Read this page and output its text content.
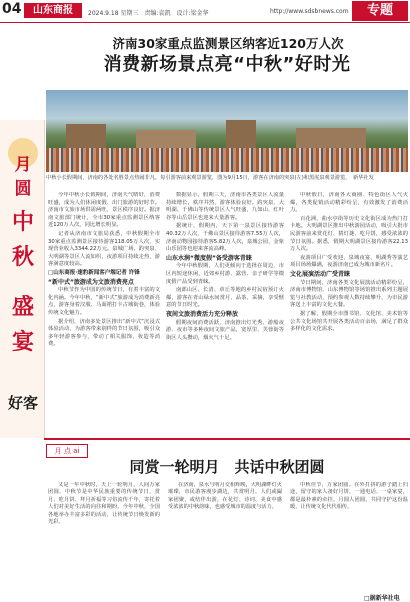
04	山东商报	2024.9.18 星期三　责编:袁凯　设计:梁金华	http://www.sdsbnews.com	专题
济南30家重点监测景区纳客近120万人次
消费新场景点亮“中秋”好时光
中秋小长假期间，济南的各处名胜景点热闹非凡。每引游客前来观景游览，图为9月15日，游客在济南的突泉(左)和黑虎泉观景游览。　新华社发
月
圆
中
秋
盛
宴
好客

今年中秋小长假期间，济南天气晴好，消费旺盛，成为人们休闲度假、出门旅游的好时节。济南市文旅市场供需两旺，景区秩序良好。据济南文旅部门统计，全市30家重点监测景区纳客近120万人次，同比增长明显。

记者从济南市文旅局获悉，中秋假期全市30家重点监测景区接待游客118.05万人次，实现营业收入3344.22万元。泉城广场、趵突泉、大明湖等景区人流如织，夜游项目持续走热，游客满意度较高。

□山东商报·速豹新闻客户端记者 许锋

“新中式”旅游成为文旅消费亮点

中秋节作为中国的传统节日，有着丰富的文化内涵。今年中秋，“新中式”旅游成为消费新亮点，游客身着汉服、马面裙打卡古城街巷，体验传统文化魅力。

据介绍，济南多处景区推出“新中式”沉浸式体验活动，为游客带来别样的节日氛围，吸引众多年轻游客参与，带动了相关服饰、妆造等消费。

数据显示，假期三天，济南市各类景区人流量持续增长，秩序井然，游客体验良好。趵突泉、大明湖、千佛山等传统景区人气旺盛，九如山、红叶谷等山岳景区也迎来大量游客。

据统计，假期内，天下第一泉景区接待游客40.32万人次，千佛山景区接待游客7.55万人次，济南动物园接待游客5.82万人次，泉城公园、金象山乐园等也迎来客流高峰。

山东水润“微度假”备受游客青睐

今年中秋假期，人们更倾向于选择在周边、市区内短途休闲，近郊乡村游、露营、亲子研学等微度假产品受到青睐。

南部山区、长清、章丘等地的乡村民宿预订火爆，游客在青山绿水间赏月、品茶、采摘，享受惬意的节日时光。

夜间文旅消费活力充分释放

假期夜间消费活跃，济南推出灯光秀、游船夜游、夜市等多种夜间文旅产品，宽厚里、芙蓉街等街区人头攒动，烟火气十足。

中秋假日，济南各大商圈、特色街区人气火爆，各类促销活动精彩纷呈，有效激发了消费活力。

百花洲、曲水亭街等历史文化街区成为热门打卡地。大明湖景区推出中秋游园活动，吸引大批市民游客前来赏花灯、猜灯谜、吃月饼，感受浓浓的节日氛围。据悉，假期大明湖景区接待游客22.13万人次。

夜游项目广受欢迎，泉城夜宴、明湖秀等演艺项目场场爆满，夜游济南已成为城市新名片。

文化展演活动广受青睐

节日期间，济南各类文化展演活动精彩纷呈，济南市博物馆、山东博物馆等场馆推出系列主题展览与社教活动，预约参观人数持续攀升，为市民游客送上丰富的文化大餐。

据了解，假期全市图书馆、文化馆、美术馆等公共文化场馆共开展各类活动百余场，满足了群众多样化的文化需求。

月 点 ai
同赏一轮明月　共话中秋团圆

又是一年中秋时，天上一轮明月，人间万家团圆。中秋节是中华民族重要的传统节日，赏月、吃月饼、拜月祈福等习俗流传千年，寄托着人们对美好生活的向往和期盼。今年中秋，全国各地举办丰富多彩的活动，让传统节日焕发新的光彩。

在济南，泉水与明月交相辉映，大明湖畔灯火璀璨，市民游客漫步湖边，共赏明月。人们或阖家团聚，或结伴出游，在花灯、诗词、美食中感受浓浓的中秋韵味，也感受城市的温度与活力。

中秋佳节，万家团圆。在外打拼的游子踏上归途，留守的家人备好月饼，一通电话、一桌家宴，都是最朴素的牵挂。月圆人团圆，共同守护这份温暖，让传统文化代代相传。

□据新华社电
